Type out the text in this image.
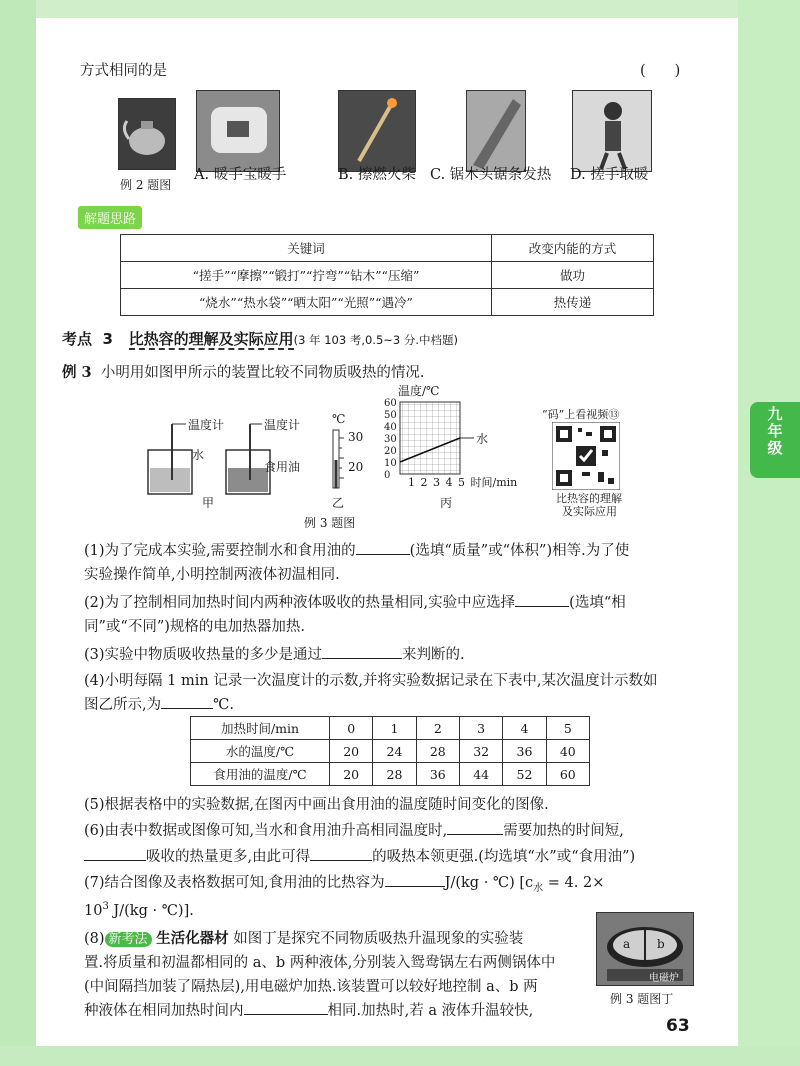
九
年
级
方式相同的是	(　　)
例 2 题图
A. 暖手宝暖手	B. 擦燃火柴 C. 锯木头锯条发热 D. 搓手取暖
解题思路
关键词	改变内能的方式
“搓手”“摩擦”“锻打”“拧弯”“钻木”“压缩”	做功
“烧水”“热水袋”“晒太阳”“光照”“遇冷”	热传递
考点 3 比热容的理解及实际应用(3 年 103 考,0.5~3 分.中档题)
例 3 小明用如图甲所示的装置比较不同物质吸热的情况.
温度计	温度计
水
食用油
甲
℃
30
20
乙
温度/℃
60
50
40
30
20
10
0
水
1 2 3 4 5 时间/min
丙
例 3 题图
“码”上看视频⑬
比热容的理解
及实际应用
(1)为了完成本实验,需要控制水和食用油的	(选填“质量”或“体积”)相等.为了使
实验操作简单,小明控制两液体初温相同.
(2)为了控制相同加热时间内两种液体吸收的热量相同,实验中应选择	(选填“相
同”或“不同”)规格的电加热器加热.
(3)实验中物质吸收热量的多少是通过	来判断的.
(4)小明每隔 1 min 记录一次温度计的示数,并将实验数据记录在下表中,某次温度计示数如
图乙所示,为	℃.
加热时间/min	0	1	2	3	4	5
水的温度/℃	20	24	28	32	36	40
食用油的温度/℃	20	28	36	44	52	60
(5)根据表格中的实验数据,在图丙中画出食用油的温度随时间变化的图像.
(6)由表中数据或图像可知,当水和食用油升高相同温度时,	需要加热的时间短,
吸收的热量更多,由此可得	的吸热本领更强.(均选填“水”或“食用油”)
(7)结合图像及表格数据可知,食用油的比热容为	J/(kg · ℃) [$c_水 = 4$. 2×
$10^3$ J/(kg · ℃)].
(8) 新考法 生活化器材 如图丁是探究不同物质吸热升温现象的实验装
置.将质量和初温都相同的 a、b 两种液体,分别装入鸳鸯锅左右两侧锅体中
(中间隔挡加装了隔热层),用电磁炉加热.该装置可以较好地控制 a、b 两
种液体在相同加热时间内	相同.加热时,若 a 液体升温较快,
a b
电磁炉
例 3 题图丁
63
